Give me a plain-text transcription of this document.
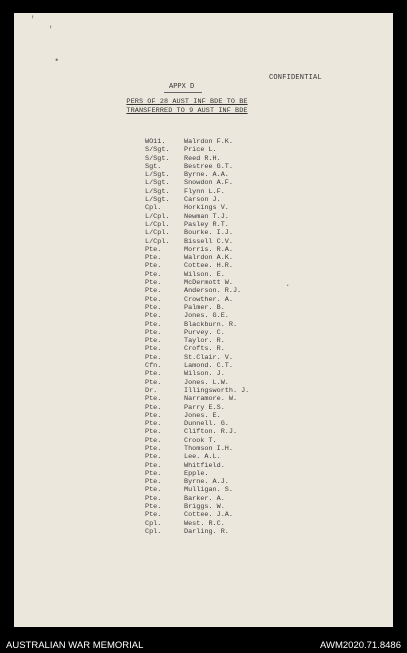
CONFIDENTIAL
APPX D
PERS OF 28 AUST INF BDE TO BE
TRANSFERRED TO 9 AUST INF BDE
'
'
•
·
WO11.	Walrdon F.K.
S/Sgt. Price L.
S/Sgt. Reed R.H.
Sgt.	Bestree G.T.
L/Sgt. Byrne. A.A.
L/Sgt. Snowdon A.F.
L/Sgt. Flynn L.F.
L/Sgt. Carson J.
Cpl.	Horkings V.
L/Cpl. Newman T.J.
L/Cpl. Pasley R.T.
L/Cpl. Bourke. I.J.
L/Cpl. Bissell C.V.
Pte.	Morris. R.A.
Pte.	Walrdon A.K.
Pte.	Cottee. H.R.
Pte.	Wilson. E.
Pte.	McDermott W.
Pte.	Anderson. R.J.
Pte.	Crowther. A.
Pte.	Palmer. B.
Pte.	Jones. G.E.
Pte.	Blackburn. R.
Pte.	Purvey. C.
Pte.	Taylor. R.
Pte.	Crofts. R.
Pte.	St.Clair. V.
Cfn.	Lamond. C.T.
Pte.	Wilson. J.
Pte.	Jones. L.W.
Dr.	Illingsworth. J.
Pte.	Narramore. W.
Pte.	Parry E.S.
Pte.	Jones. E.
Pte.	Dunnell. G.
Pte.	Clifton. R.J.
Pte.	Crook T.
Pte.	Thomson I.H.
Pte.	Lee. A.L.
Pte.	Whitfield.
Pte.	Epple.
Pte.	Byrne. A.J.
Pte.	Mulligan. S.
Pte.	Barker. A.
Pte.	Briggs. W.
Pte.	Cottee. J.A.
Cpl.	West. R.C.
Cpl.	Darling. R.
AUSTRALIAN WAR MEMORIAL	AWM2020.71.8486
